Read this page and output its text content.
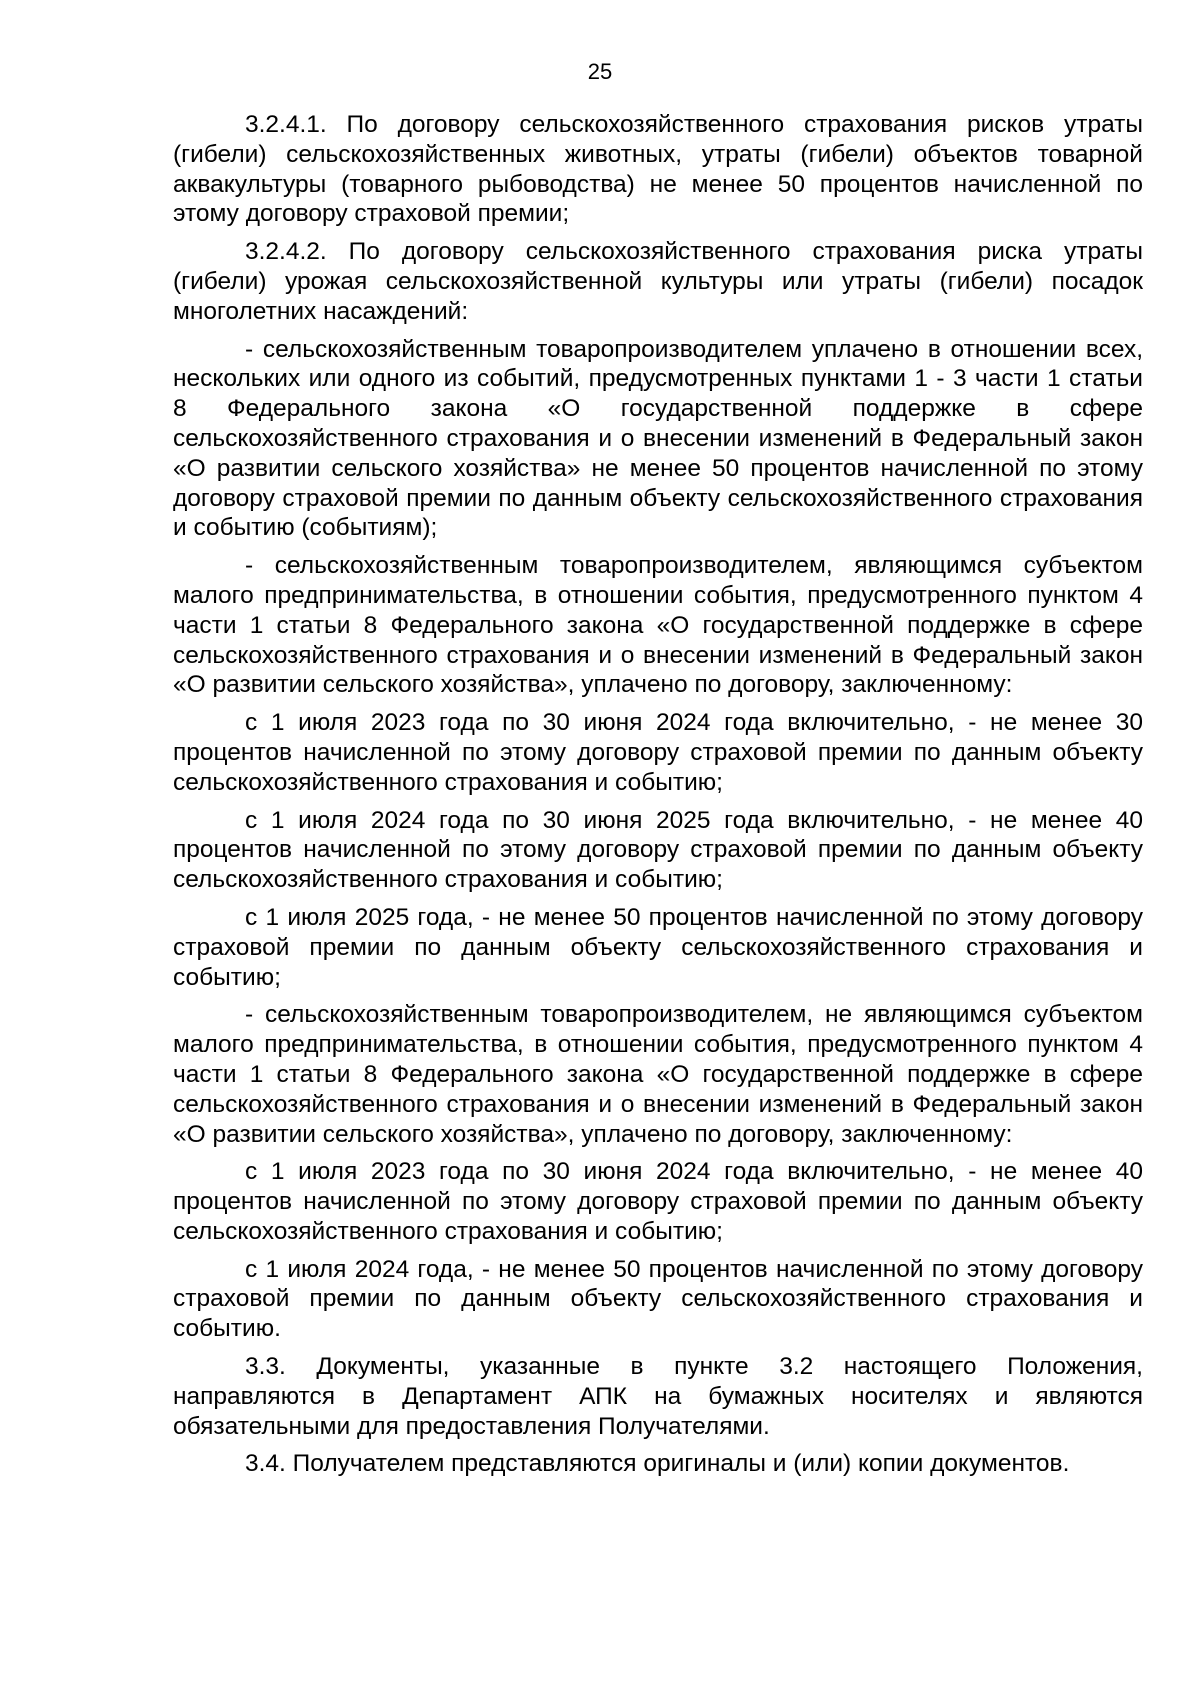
25

3.2.4.1. По договору сельскохозяйственного страхования рисков утраты (гибели) сельскохозяйственных животных, утраты (гибели) объектов товарной аквакультуры (товарного рыбоводства) не менее 50 процентов начисленной по этому договору страховой премии;

3.2.4.2. По договору сельскохозяйственного страхования риска утраты (гибели) урожая сельскохозяйственной культуры или утраты (гибели) посадок многолетних насаждений:

- сельскохозяйственным товаропроизводителем уплачено в отношении всех, нескольких или одного из событий, предусмотренных пунктами 1 - 3 части 1 статьи 8 Федерального закона «О государственной поддержке в сфере сельскохозяйственного страхования и о внесении изменений в Федеральный закон «О развитии сельского хозяйства» не менее 50 процентов начисленной по этому договору страховой премии по данным объекту сельскохозяйственного страхования и событию (событиям);

- сельскохозяйственным товаропроизводителем, являющимся субъектом малого предпринимательства, в отношении события, предусмотренного пунктом 4 части 1 статьи 8 Федерального закона «О государственной поддержке в сфере сельскохозяйственного страхования и о внесении изменений в Федеральный закон «О развитии сельского хозяйства», уплачено по договору, заключенному:

с 1 июля 2023 года по 30 июня 2024 года включительно, - не менее 30 процентов начисленной по этому договору страховой премии по данным объекту сельскохозяйственного страхования и событию;

с 1 июля 2024 года по 30 июня 2025 года включительно, - не менее 40 процентов начисленной по этому договору страховой премии по данным объекту сельскохозяйственного страхования и событию;

с 1 июля 2025 года, - не менее 50 процентов начисленной по этому договору страховой премии по данным объекту сельскохозяйственного страхования и событию;

- сельскохозяйственным товаропроизводителем, не являющимся субъектом малого предпринимательства, в отношении события, предусмотренного пунктом 4 части 1 статьи 8 Федерального закона «О государственной поддержке в сфере сельскохозяйственного страхования и о внесении изменений в Федеральный закон «О развитии сельского хозяйства», уплачено по договору, заключенному:

с 1 июля 2023 года по 30 июня 2024 года включительно, - не менее 40 процентов начисленной по этому договору страховой премии по данным объекту сельскохозяйственного страхования и событию;

с 1 июля 2024 года, - не менее 50 процентов начисленной по этому договору страховой премии по данным объекту сельскохозяйственного страхования и событию.

3.3. Документы, указанные в пункте 3.2 настоящего Положения, направляются в Департамент АПК на бумажных носителях и являются обязательными для предоставления Получателями.

3.4. Получателем представляются оригиналы и (или) копии документов.
